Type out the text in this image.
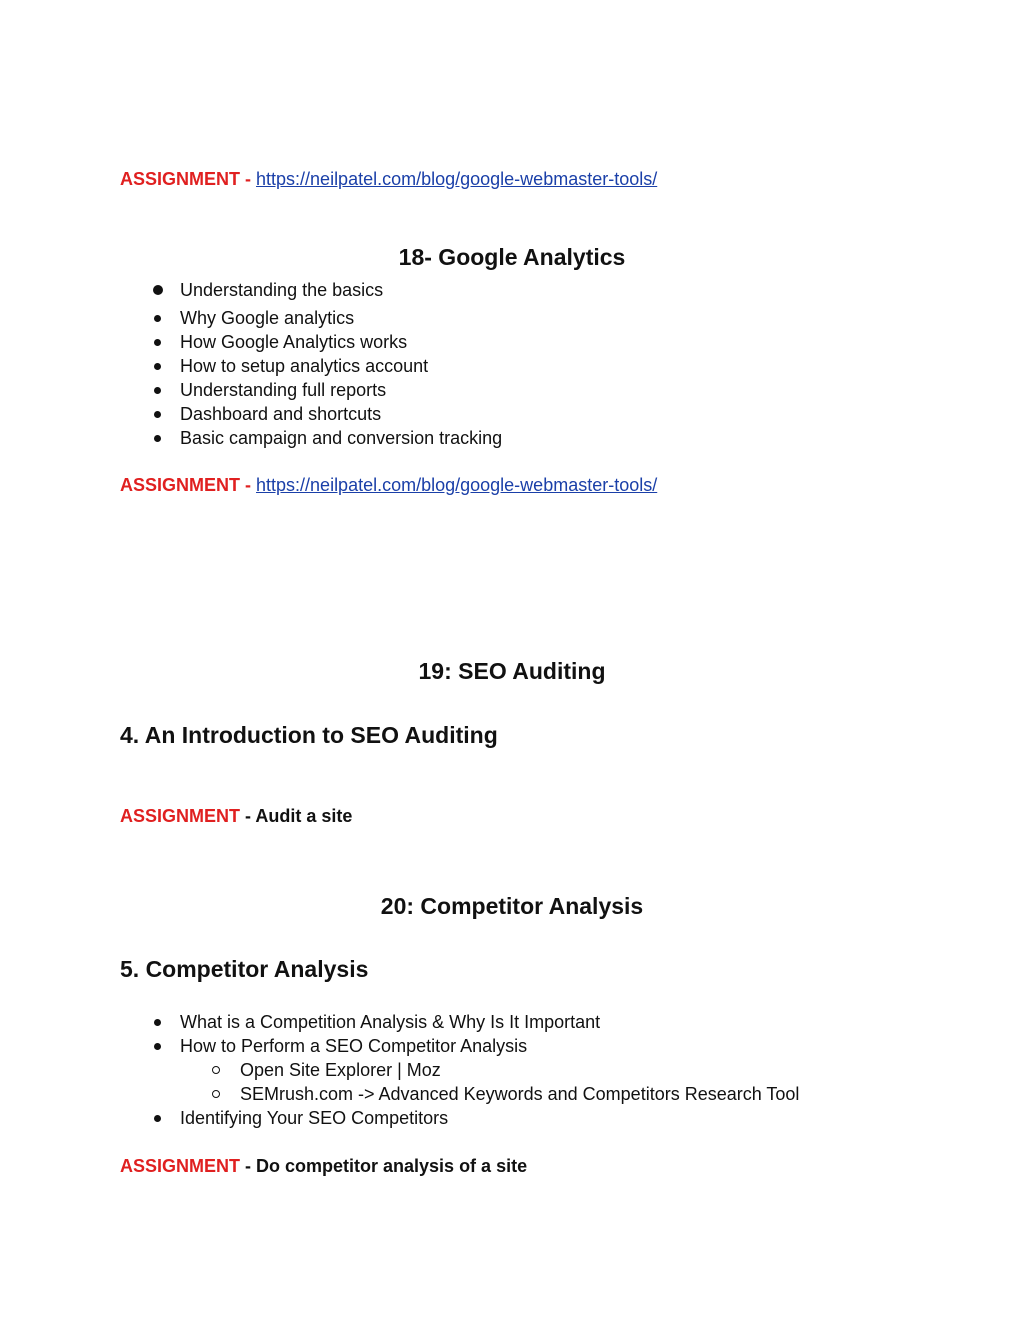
ASSIGNMENT - https://neilpatel.com/blog/google-webmaster-tools/
18- Google Analytics
Understanding the basics
Why Google analytics
How Google Analytics works
How to setup analytics account
Understanding full reports
Dashboard and shortcuts
Basic campaign and conversion tracking
ASSIGNMENT - https://neilpatel.com/blog/google-webmaster-tools/
19: SEO Auditing
4. An Introduction to SEO Auditing
ASSIGNMENT - Audit a site
20: Competitor Analysis
5. Competitor Analysis
What is a Competition Analysis & Why Is It Important
How to Perform a SEO Competitor Analysis
Open Site Explorer | Moz
SEMrush.com -> Advanced Keywords and Competitors Research Tool
Identifying Your SEO Competitors
ASSIGNMENT - Do competitor analysis of a site
